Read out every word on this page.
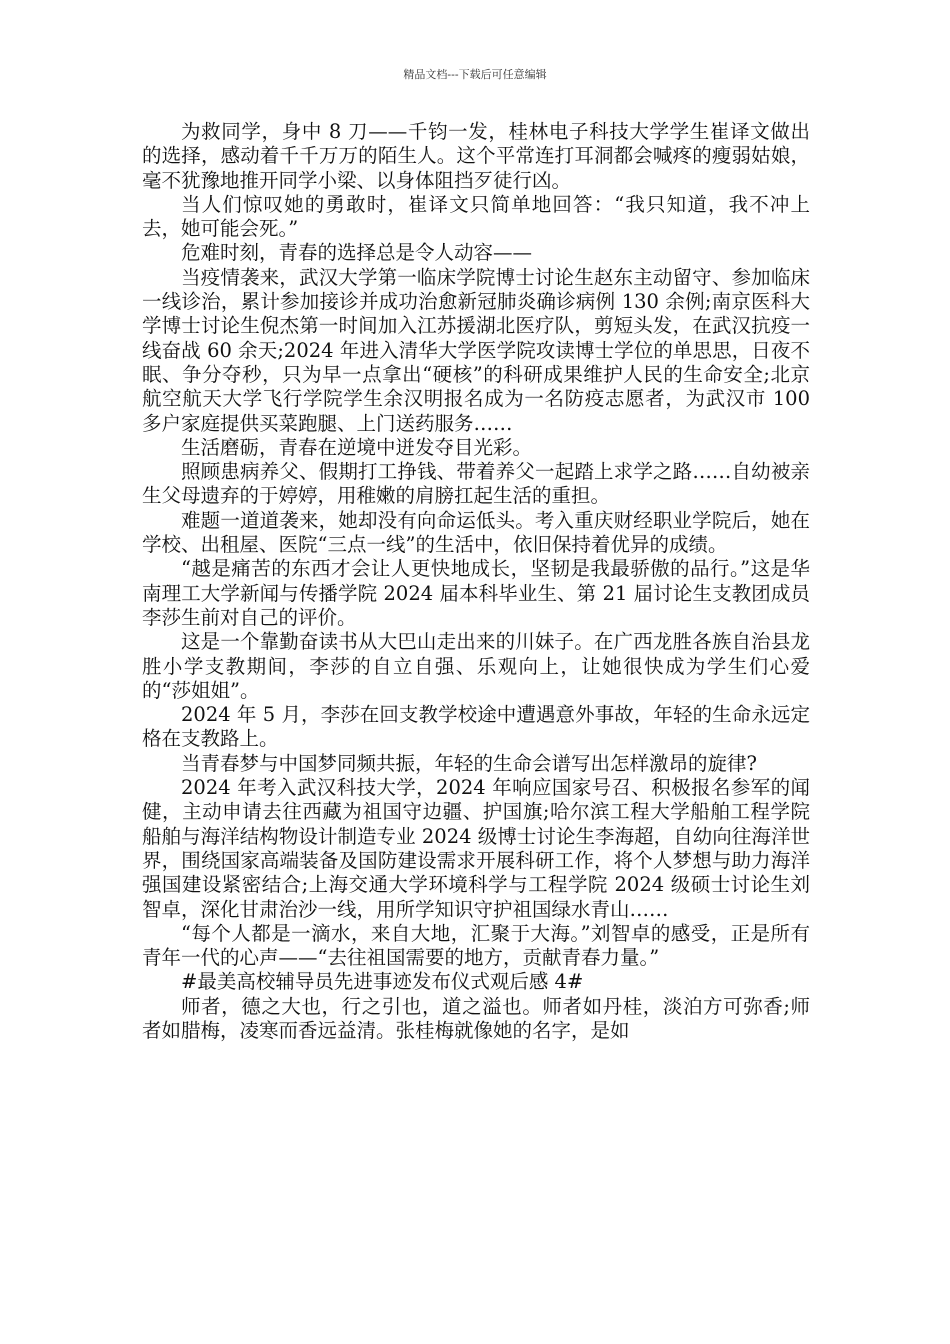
精品文档---下载后可任意编辑

为救同学，身中 8 刀——千钧一发，桂林电子科技大学学生崔译文做出的选择，感动着千千万万的陌生人。这个平常连打耳洞都会喊疼的瘦弱姑娘，毫不犹豫地推开同学小梁、以身体阻挡歹徒行凶。

当人们惊叹她的勇敢时，崔译文只简单地回答：“我只知道，我不冲上去，她可能会死。”

危难时刻，青春的选择总是令人动容——

当疫情袭来，武汉大学第一临床学院博士讨论生赵东主动留守、参加临床一线诊治，累计参加接诊并成功治愈新冠肺炎确诊病例 130 余例;南京医科大学博士讨论生倪杰第一时间加入江苏援湖北医疗队，剪短头发，在武汉抗疫一线奋战 60 余天;2024 年进入清华大学医学院攻读博士学位的单思思，日夜不眠、争分夺秒，只为早一点拿出“硬核”的科研成果维护人民的生命安全;北京航空航天大学飞行学院学生余汉明报名成为一名防疫志愿者，为武汉市 100 多户家庭提供买菜跑腿、上门送药服务……

生活磨砺，青春在逆境中迸发夺目光彩。

照顾患病养父、假期打工挣钱、带着养父一起踏上求学之路……自幼被亲生父母遗弃的于婷婷，用稚嫩的肩膀扛起生活的重担。

难题一道道袭来，她却没有向命运低头。考入重庆财经职业学院后，她在学校、出租屋、医院“三点一线”的生活中，依旧保持着优异的成绩。

“越是痛苦的东西才会让人更快地成长，坚韧是我最骄傲的品行。”这是华南理工大学新闻与传播学院 2024 届本科毕业生、第 21 届讨论生支教团成员李莎生前对自己的评价。

这是一个靠勤奋读书从大巴山走出来的川妹子。在广西龙胜各族自治县龙胜小学支教期间，李莎的自立自强、乐观向上，让她很快成为学生们心爱的“莎姐姐”。

2024 年 5 月，李莎在回支教学校途中遭遇意外事故，年轻的生命永远定格在支教路上。

当青春梦与中国梦同频共振，年轻的生命会谱写出怎样激昂的旋律?

2024 年考入武汉科技大学，2024 年响应国家号召、积极报名参军的闻健，主动申请去往西藏为祖国守边疆、护国旗;哈尔滨工程大学船舶工程学院船舶与海洋结构物设计制造专业 2024 级博士讨论生李海超，自幼向往海洋世界，围绕国家高端装备及国防建设需求开展科研工作，将个人梦想与助力海洋强国建设紧密结合;上海交通大学环境科学与工程学院 2024 级硕士讨论生刘智卓，深化甘肃治沙一线，用所学知识守护祖国绿水青山……

“每个人都是一滴水，来自大地，汇聚于大海。”刘智卓的感受，正是所有青年一代的心声——“去往祖国需要的地方，贡献青春力量。”

#最美高校辅导员先进事迹发布仪式观后感 4#

师者，德之大也，行之引也，道之溢也。师者如丹桂，淡泊方可弥香;师者如腊梅，凌寒而香远益清。张桂梅就像她的名字，是如
